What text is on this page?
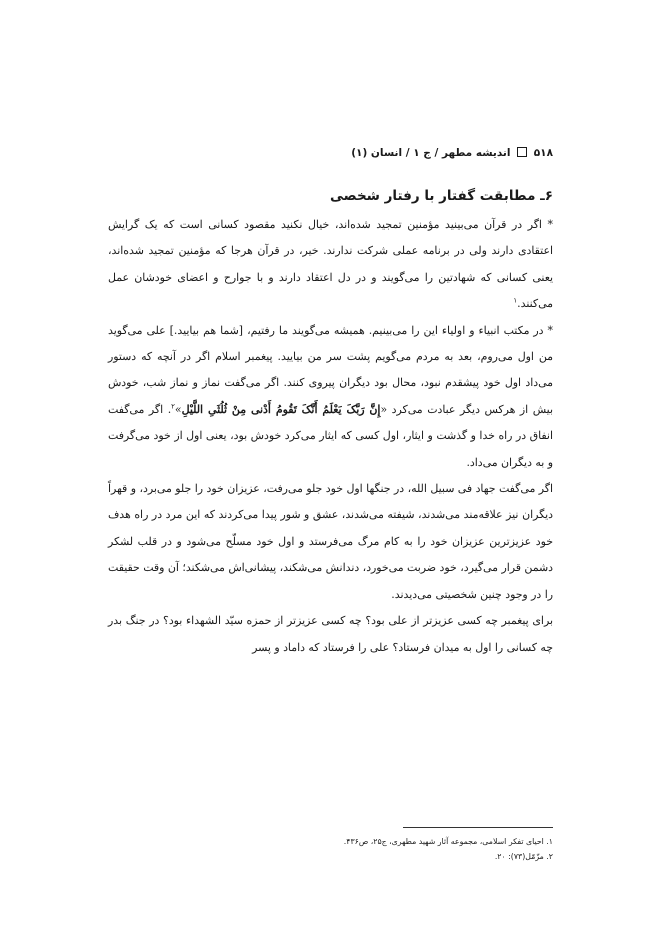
۵۱۸  اندیشه مطهر / ج ۱ / انسان (۱)
۶ـ مطابقت گفتار با رفتار شخصی

* اگر در قرآن می‌بینید مؤمنین تمجید شده‌اند، خیال نکنید مقصود کسانی است که یک گرایش اعتقادی دارند ولی در برنامه عملی شرکت ندارند. خیر، در قرآن هرجا که مؤمنین تمجید شده‌اند، یعنی کسانی که شهادتین را می‌گویند و در دل اعتقاد دارند و با جوارح و اعضای خودشان عمل می‌کنند.$^۱$

* در مکتب انبیاء و اولیاء این را می‌بینیم. همیشه می‌گویند ما رفتیم، [شما هم بیایید.] علی می‌گوید من اول می‌روم، بعد به مردم می‌گویم پشت سر من بیایید. پیغمبر اسلام اگر در آنچه که دستور می‌داد اول خود پیشقدم نبود، محال بود دیگران پیروی کنند. اگر می‌گفت نماز و نماز شب، خودش بیش از هرکس دیگر عبادت می‌کرد «إِنَّ رَبَّکَ یَعْلَمُ أَنَّکَ تَقُومُ أَدْنی مِنْ ثُلُثَیِ اللَّیْلِ»$^۲$. اگر می‌گفت انفاق در راه خدا و گذشت و ایثار، اول کسی که ایثار می‌کرد خودش بود، یعنی اول از خود می‌گرفت و به دیگران می‌داد.

اگر می‌گفت جهاد فی سبیل الله، در جنگها اول خود جلو می‌رفت، عزیزان خود را جلو می‌برد، و قهراً دیگران نیز علاقه‌مند می‌شدند، شیفته می‌شدند، عشق و شور پیدا می‌کردند که این مرد در راه هدف خود عزیزترین عزیزان خود را به کام مرگ می‌فرستد و اول خود مسلّح می‌شود و در قلب لشکر دشمن قرار می‌گیرد، خود ضربت می‌خورد، دندانش می‌شکند، پیشانی‌اش می‌شکند؛ آن وقت حقیقت را در وجود چنین شخصیتی می‌دیدند.

برای پیغمبر چه کسی عزیزتر از علی بود؟ چه کسی عزیزتر از حمزه سیّد الشهداء بود؟ در جنگ بدر چه کسانی را اول به میدان فرستاد؟ علی را فرستاد که داماد و پسر

۱. احیای تفکر اسلامی، مجموعه آثار شهید مطهری، ج۲۵، ص۴۳۶.
۲. مزّمّل(۷۳): ۲۰.
